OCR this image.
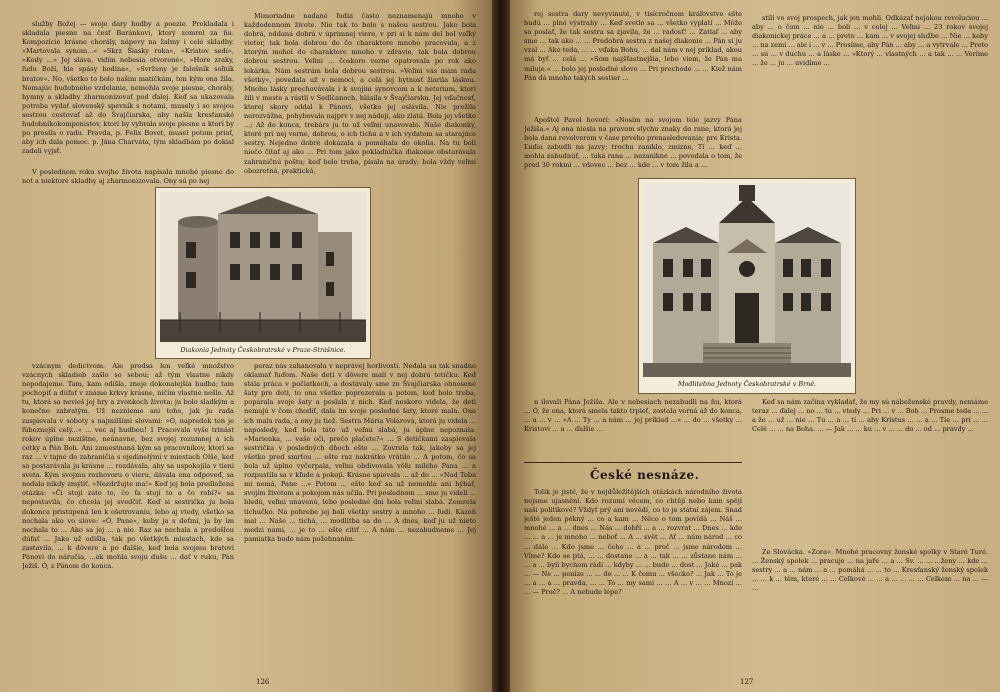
služby Božej — svoje dary hudby a poezie. Prekladala i skladala piesne na česť Baránkovi, ktorý zomrel za ňu. Kompozície krásne chorály, nápevy na žalmy i celé skladby. »Martovala synom...« »Skrz Šiasky roka«, »Kristov sedí«, »Kedy ...« Jej sláva, vidím nebesia otvorené«, »Hore zraky, ľudu Boží, hle spásy hodina«, »Svrženy je falošník soľník bratov«. No, všetko to bolo našim matičkám, ten kým ona žila. Nemajúc hudobného vzdelania, nemohla svoje piesne, chorály, hymny a skladby zharmonizovať pod ďalej. Keď sa ukazovala potreba vydať slovenský spevník s notami, musely i so svojou sestrou cestovať až do Švajčiarska, aby našla kresťanské hudobníkokomponistov, ktorí by vybrala svoje piesne a ktorí by po prosila o radu. Pravda, p. Felix Bovet, musel potom priať, aby ich dala pomoc. p. Jána Charváta, tým skladbám po dokiaľ zadeli vyjsť.

V poslednom roku svojho života napísala mnohé piesne do not a niektoré skladby aj zharmonizovala. Ony sú po nej

Mimoriadne nadané ľudia často neznamenajú mnoho v každodennom živote. Nie tak to bolo s našou sestrou. Jako bola dobrá, oddaná dobrá v úprimnej viere, v pri si k nám del bol veľký vietor, tak bola dobrou do čo charaktere mnoho pracovala, a z ktorým mohol do charaktere mnoho v zdravie, tak bola dobrou dobrou sestrou. Veľmi ... čoskoro verne opatrovala po rok ako lekárka. Nám sestrám bola dobrou sestrou. »Veľmi vás mám rada všetky«, povedala už v nemoci, a celá jej bytnosť žiarila láskou. Mnoho lásky prechovávala i k svojim synovcom a k neteriam, ktorí žili v meste a rástli v Sedlčanoch, hlásila v Švajčiarsku. Jej vďačnosť, ktorej skory oddal k Pánovi, všetko jej oslávila. Nie prežila nerozvážna, pohybovala najprv v nej nádeji, ako zlatá. Bola jej všetko ...; Až do konca, trebárs ju to už veľmi unavovalo. Naše diakonky, ktoré pri nej verne, dobrou, o ich tichu a v ich vydatom sa starajúce sestry. Nejedno dobré dokázala a pomáhala do okolia. Na tu boli niečo čítať aj ako ... Pri tom jako pokladnička diakonie obstarávala zahraničnú poštu; keď bolo treba, písala na úrady; bola vždy veľmi obozretná, praktická,

Diakonia Jednoty Českobratrské v Praze-Strášnice.

vzácnym dedictvom. Ale predsa len veľké množstvo vzácnych skladieb zašlo so sebou; až tým vlastne nikdy nepodajeme. Tam, kam odišla, zneje dokonalejšia hudba; tam pochopiť a dúfať v známe krkvy krásne, ničím vlastne nešlo. Až tu, ktorá sa nevieš jej hry a zvonkoch života; ju bolo sladkým a konečne zabratým. Už neznieme ani toho, jak ju rada zaspievala v soboty s najmilšími slovami: »Ó, napredok ten je ľúbeznejší celý...« ... vec aj hudbou! 1 Pracovala vyše trinást rokov úplne nezištne, neúnavne, bez svojej rozumnej a ich cetky a Pán Boh. Ani zamestnaná kým sa pracovníkov, ktorí sa raz ... v tajne do zahraničia s ojedinelými v miestach Olše, keď sa postarávala ju krásne ... rozdávala, aby sa uspokojila v tieni sveta. Kým svojmu rozhovoru o vieru, dávala ona odpoveď, sa nedala nikdy zmýliť. »Nezdržujte ma!« Keď jej bola predložená otázka: »Či stojí zato to, čo ťa stojí to a čo robí?« sa nepostavila, čo chcela jej svedčiť. Keď si sestrička ju bola dokonca pristúpená len k ošetrovaniu, lebo aj vtedy, všetko sa nechala ako vo slove: »Ó, Pane«, keby ja s deťmi, ja by im nechala to ... Ako sa jej ... a nie. Raz sa nechala a predošlou dúfať ... Jako už odišla, tak po všetkých miestach, kde sa zastavila, ... k dôvere a po ďalšie, keď bola svojmu bratovi Pánovi do náručia, ...ak mohla svoju dušu ... dať v ruku, Pán Ježiš. Ó, z Pánom do konca.

peraz nás zahanovala v neprávej horlivosti. Nedala sa tak snadno oklamať ľuďom. Naše deti v dôvere mali v nej dobrú tetičku. Keď stála práca v počiatkoch, a dostávaly sme zo Švajčiarska obnosené šaty pre deti, to ona všetko poprezerala a potom, keď bolo treba, popárala svoje šaty a poslala z nich. Keď neskoro videla, že deti nemajú v čom chodiť, dala im svoje posledné šaty, ktoré mala. Ona ich mala rada, a ony ju tiež. Sestra Mária Volárová, ktorá ju videla ... naposledy, keď bola táto už veľmi slabá, ju úplne nepoznala. »Marienka, ... vaše oči, prečo plačete?« ... S detičkami zaspievala sestrička v posledných dňoch ešte ... Zovrela tak, jakoby sa jej všetko pred smrťou ... ešte raz nakrátko vrátilo ... A potom, čo sa bola už úplne vyčerpala, veľmi obdivovala vôľu milého Pána ... a rozpustila sa v kľude a pokoji. Krásne spievala ... až do ... »Nad Teba mi nemá, Pane ...« Potom ... ešte keď sa už nemohla ani hýbať, svojím životom a pokojom nás učila. Pri poslednom ... sme ju videli ... bledú, veľmi unavenú, lebo posledné dni bola veľmi slabá. Zomrela tichučko. Na pohrebe jej boli všetky sestry a mnoho ... ľudí. Kázeň mal ... Naše ... tichá, ... modlitba sa do ... A dnes, keď ju už nieto medzi nami, ... je to ... ešte cítiť ... A nám ... nezabudneme ... Jej pamiatka bude nám požehnaním.

126

rej sestra dary nevyvinuté, v tisícročnom kráľovstve ešte budú ... plné výstrahy ... Keď svetlo sa ... všetko vyplatí ... Môže sa poslať, že tak sestra sa zjavila, že ... radosť! ... Zatiaľ ... aby sme ... tak ako ... ... Predobrá sestra z našej diakonie ... Pán si ju vzal ... Ako teda, ... ... vďaka Bohu, ... dal nám v nej príklad, akou má byť ... celá ... »Som najšťastnejšia, lebo viem, že Pán ma miluje.« ... bolo jej posledné slovo ... Pri prechode ... ... Kiež nám Pán dá mnoho takých sestier ...

Apoštol Pavel hovorí: »Nosím na svojom tele jazvy Pána Ježiša.« Aj ona niesla na pravom slychu znaky do rane, ktorá jej bola daná revolverom v čase prvého prenasledovania; pre Krista. Ľudia zabudli na jazvy; trochu zaniklo, zmizne, Tí ... keď ... mohla zabudnúť, ... taká rana ... nezanikne ... povedala o tom, že pred 30 rokmi ... vdovec ... bez ... kde ... v tom žila a ...

stilí vo svoj prospech, jak jen mohli. Odkázať nejakou revoluciou ... aby ... o čom ... nie ... boli ... v celej ... Veľmi ... 23 rokov svojej diakonickej práce ... a ... preto ... kam ... v svojej službe ... Nie ... keby ... na zemi ... ale i ... v ... Prosíme, aby Pán ... aby ... a vytrvalo ... Preto ... sú ... v duchu ... a láske ... »Ktorý ... vlastných ... a tak ... ... Veríme ... že ... ju ... uvidíme ...

Modlitebna Jednoty Českobratrské v Brně.

n ilovali Pána Ježiša. Ale v nebesiach nezabudli na ňu, ktorá ... Ó, že ona, ktorá smela takto trpieť, zostala verná až do konca, ... a ... v ... »A ... Ty ... a nám ... jej príklad ...« ... do ... všetky ... Kristovi ... a ... ďalšie ...

České nesnáze.

Tolik je jisté, že v nejdůležitějších otázkách národního života nejsme ujasnění. Kdo rozumí věcem, co chtějí nebo kam spějí naši politikové? Vždyť prý ani nevědí, co to je státní zájem. Snad ještě jeden pěkný ... co a kam ... Něco o tom povídá ... Náš ... mnohé ... a ... dnes ... Nás ... dobří ... a ... rozvrat ... Dnes ... kde ... ... a ... je mnoho ... neboť ... A ... svět ... Ať ... nám národ ... co ... dále ... Kdo jsme ... čeho ... a ... proč ... jsme národem ... Víme? Kdo se ptá, ... ... dostane ... a ... tak ... ... zůstane nám ... ... a ... byli bychom rádi ... kdyby ... ... bude ... dost ... Jaké ... pak ... — Ne ... peníze ... ... do ... ... K čemu ... všecko? ... Jak ... To je ... a ... a ... pravda, ... ... To ... my sami ... ... A ... v ... ... Mnozí ... ... — Proč? ... A nebude lépe?

Keď sa nám začína vykladať, že my sú náboženské pravdy, nemáme teraz ... ďalej ... no ... tu ... vtedy ... Pri ... v ... Boh ... Prosme teda ... ... a že ... už ... nie ... Tu ... a ... tí ... aby Kristus ... ... a ... Tie ... pri ... ... Celé ... ... na Boha. ... — Jak ... ... ku ... v ... ... do ... od ... pravdy ...

Ze Slovácka. »Zora«. Mnohé pracovny ženské spolky v Staré Turé. ... Ženský spolek ... pracuje ... na jaře ... a ... Sv. ... ... ...ženy ... kde ... sestry ... a ... nám ... a ... pomáhá ... ... to ... Kresťanský ženský spolek ... ... k ... těm, které ... ... Celkové ... ... a ... ... ... ... Celkem ... na ... — ...

127
